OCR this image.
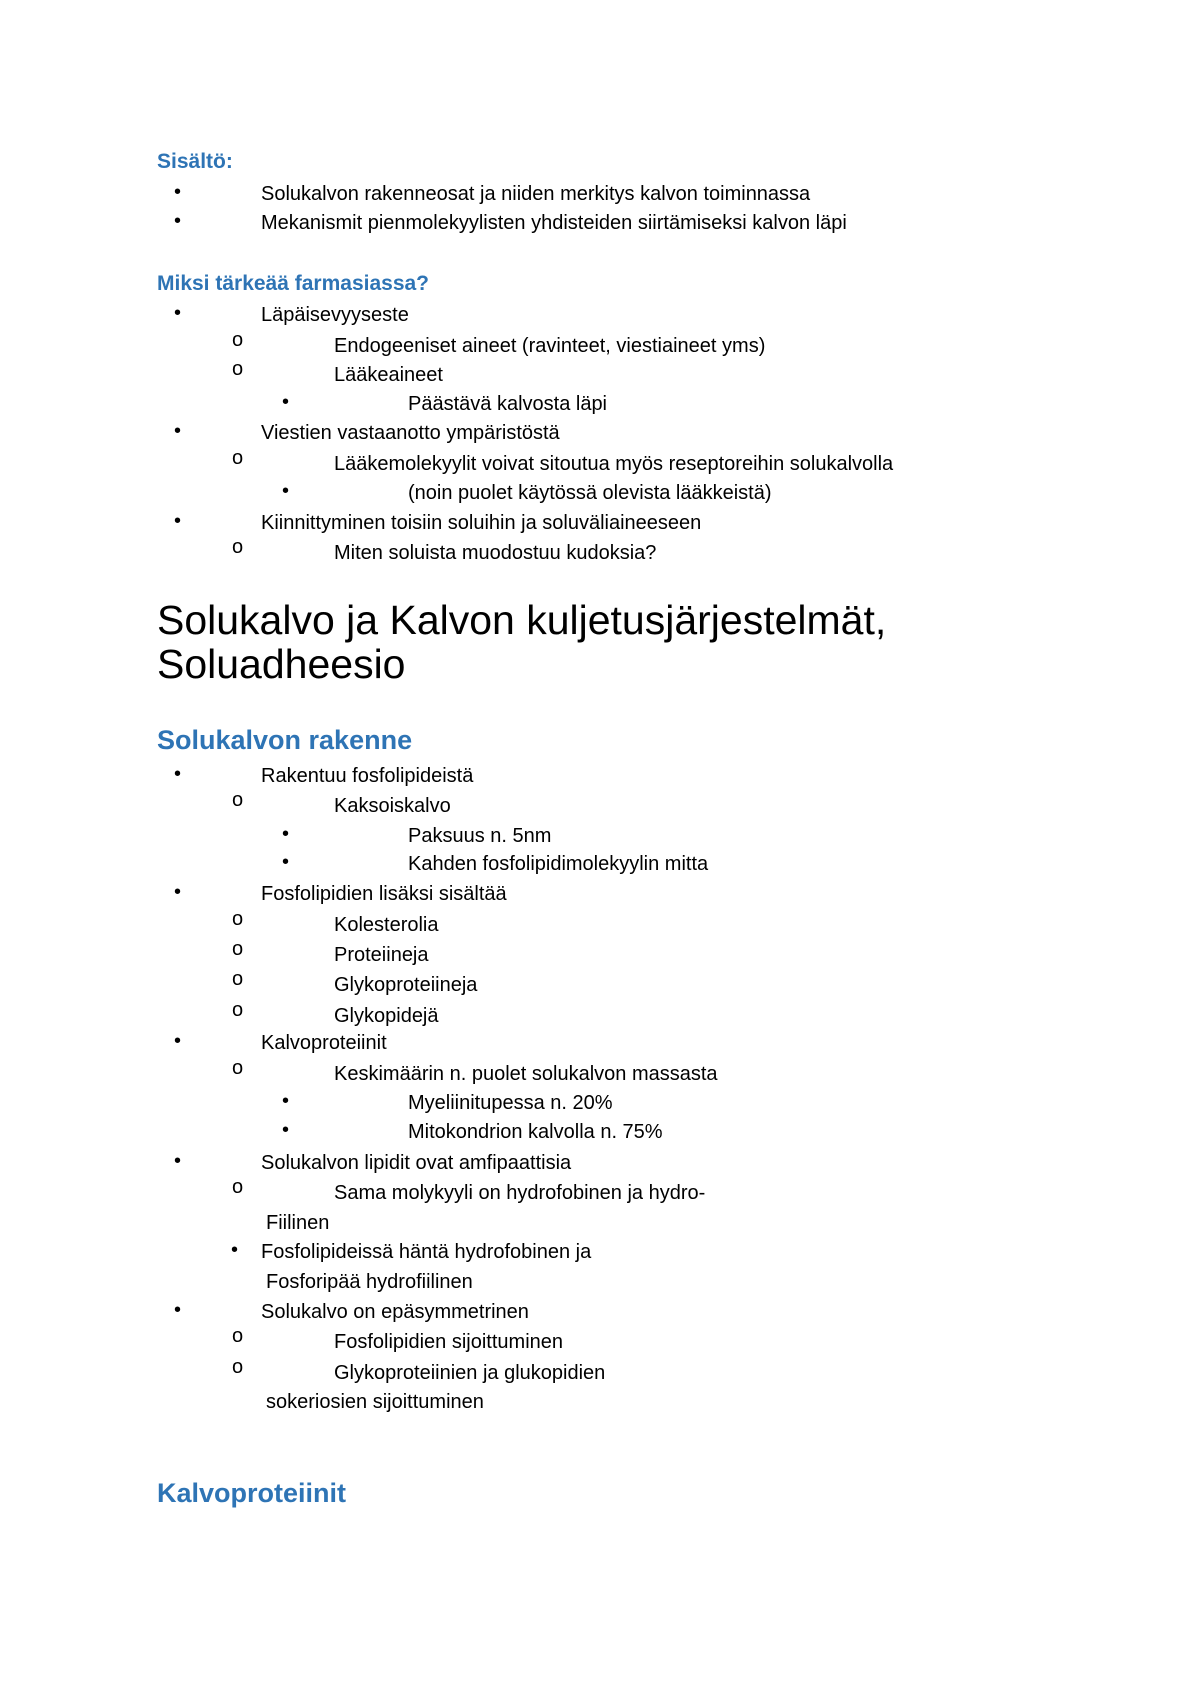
Sisältö:
•	Solukalvon rakenneosat ja niiden merkitys kalvon toiminnassa
•	Mekanismit pienmolekyylisten yhdisteiden siirtämiseksi kalvon läpi
Miksi tärkeää farmasiassa?
•	Läpäisevyyseste
o	Endogeeniset aineet (ravinteet, viestiaineet yms)
o	Lääkeaineet
•	Päästävä kalvosta läpi
•	Viestien vastaanotto ympäristöstä
o	Lääkemolekyylit voivat sitoutua myös reseptoreihin solukalvolla
•	(noin puolet käytössä olevista lääkkeistä)
•	Kiinnittyminen toisiin soluihin ja soluväliaineeseen
o	Miten soluista muodostuu kudoksia?
Solukalvo ja Kalvon kuljetusjärjestelmät,
Soluadheesio
Solukalvon rakenne
•	Rakentuu fosfolipideistä
o	Kaksoiskalvo
•	Paksuus n. 5nm
•	Kahden fosfolipidimolekyylin mitta
•	Fosfolipidien lisäksi sisältää
o	Kolesterolia
o	Proteiineja
o	Glykoproteiineja
o	Glykopidejä
•	Kalvoproteiinit
o	Keskimäärin n. puolet solukalvon massasta
•	Myeliinitupessa n. 20%
•	Mitokondrion kalvolla n. 75%
•	Solukalvon lipidit ovat amfipaattisia
o	Sama molykyyli on hydrofobinen ja hydro-
Fiilinen
• Fosfolipideissä häntä hydrofobinen ja
Fosforipää hydrofiilinen
•	Solukalvo on epäsymmetrinen
o	Fosfolipidien sijoittuminen
o	Glykoproteiinien ja glukopidien
sokeriosien sijoittuminen
Kalvoproteiinit
